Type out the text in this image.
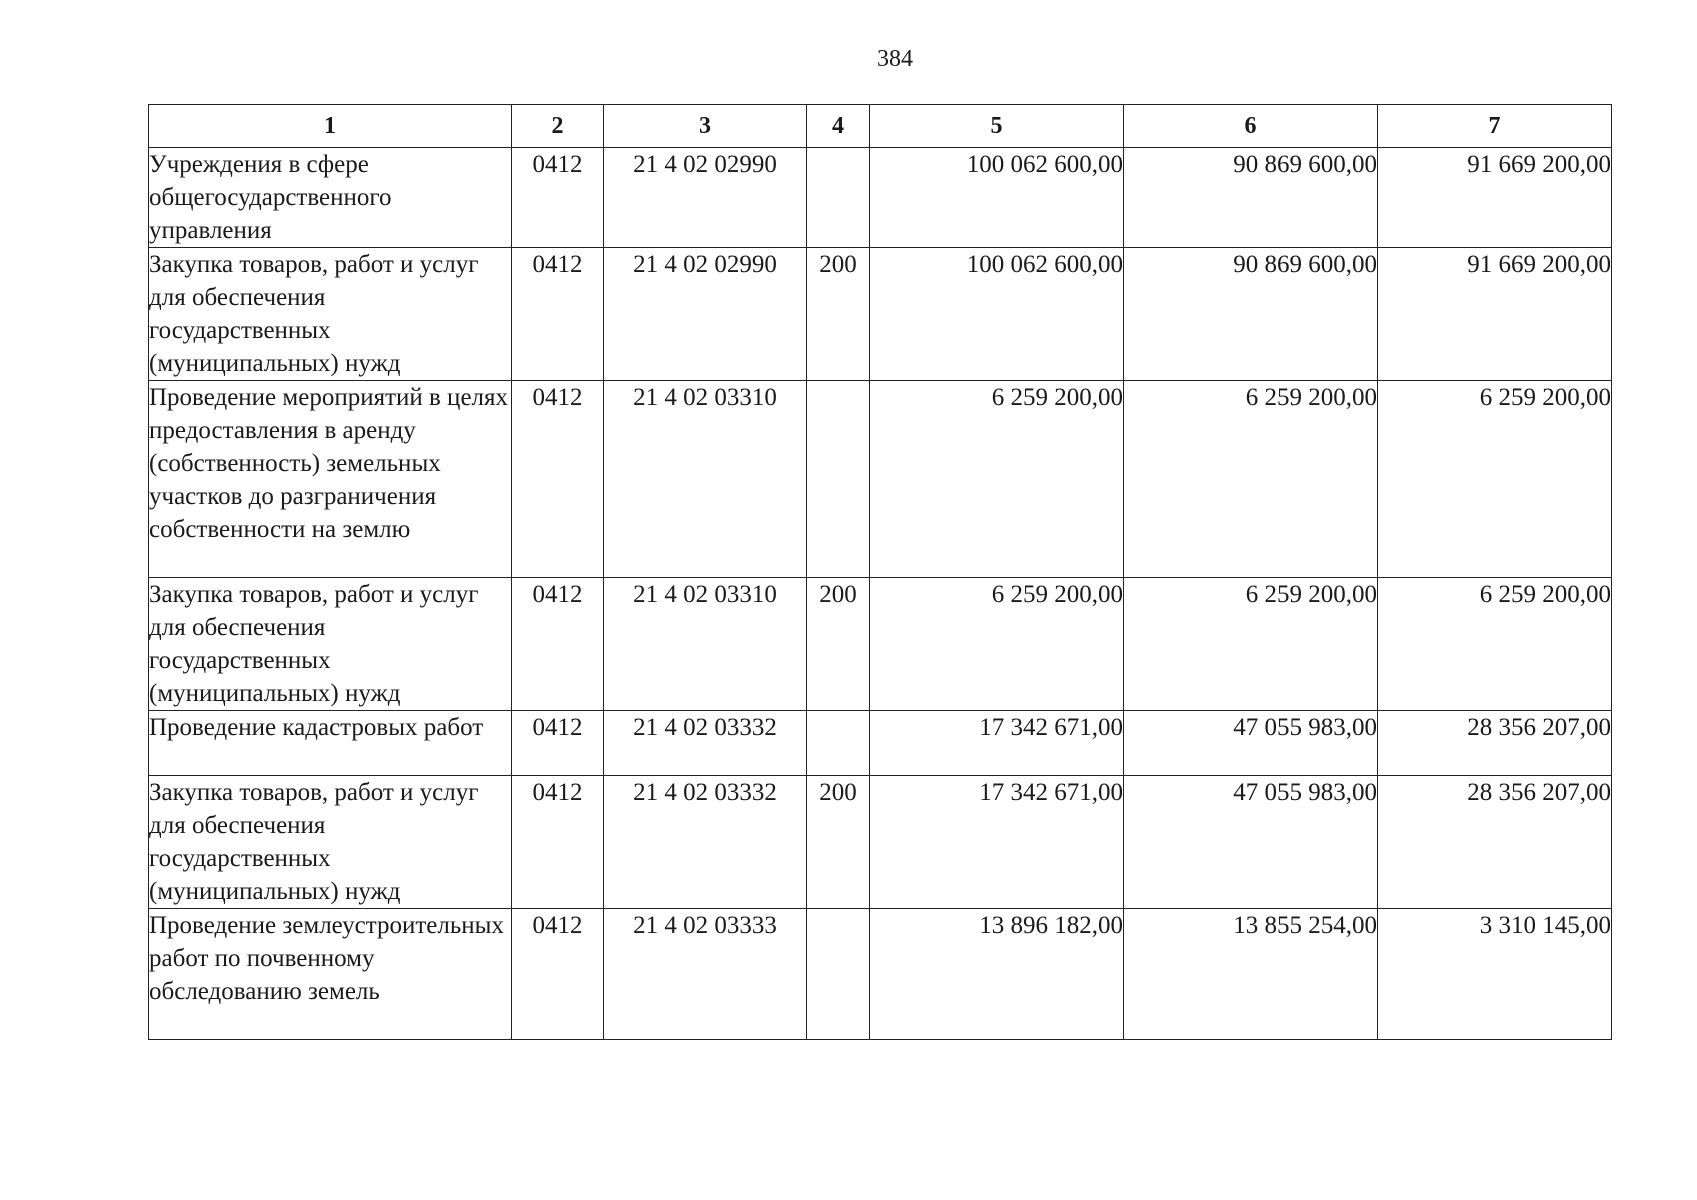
384
1	2	3	4	5	6	7
Учреждения в сфере общегосударственного управления	0412	21 4 02 02990		100 062 600,00	90 869 600,00	91 669 200,00
Закупка товаров, работ и услуг для обеспечения государственных (муниципальных) нужд	0412	21 4 02 02990	200	100 062 600,00	90 869 600,00	91 669 200,00
Проведение мероприятий в целях предоставления в аренду (собственность) земельных участков до разграничения собственности на землю	0412	21 4 02 03310		6 259 200,00	6 259 200,00	6 259 200,00
Закупка товаров, работ и услуг для обеспечения государственных (муниципальных) нужд	0412	21 4 02 03310	200	6 259 200,00	6 259 200,00	6 259 200,00
Проведение кадастровых работ	0412	21 4 02 03332		17 342 671,00	47 055 983,00	28 356 207,00
Закупка товаров, работ и услуг для обеспечения государственных (муниципальных) нужд	0412	21 4 02 03332	200	17 342 671,00	47 055 983,00	28 356 207,00
Проведение землеустроительных работ по почвенному обследованию земель	0412	21 4 02 03333		13 896 182,00	13 855 254,00	3 310 145,00
